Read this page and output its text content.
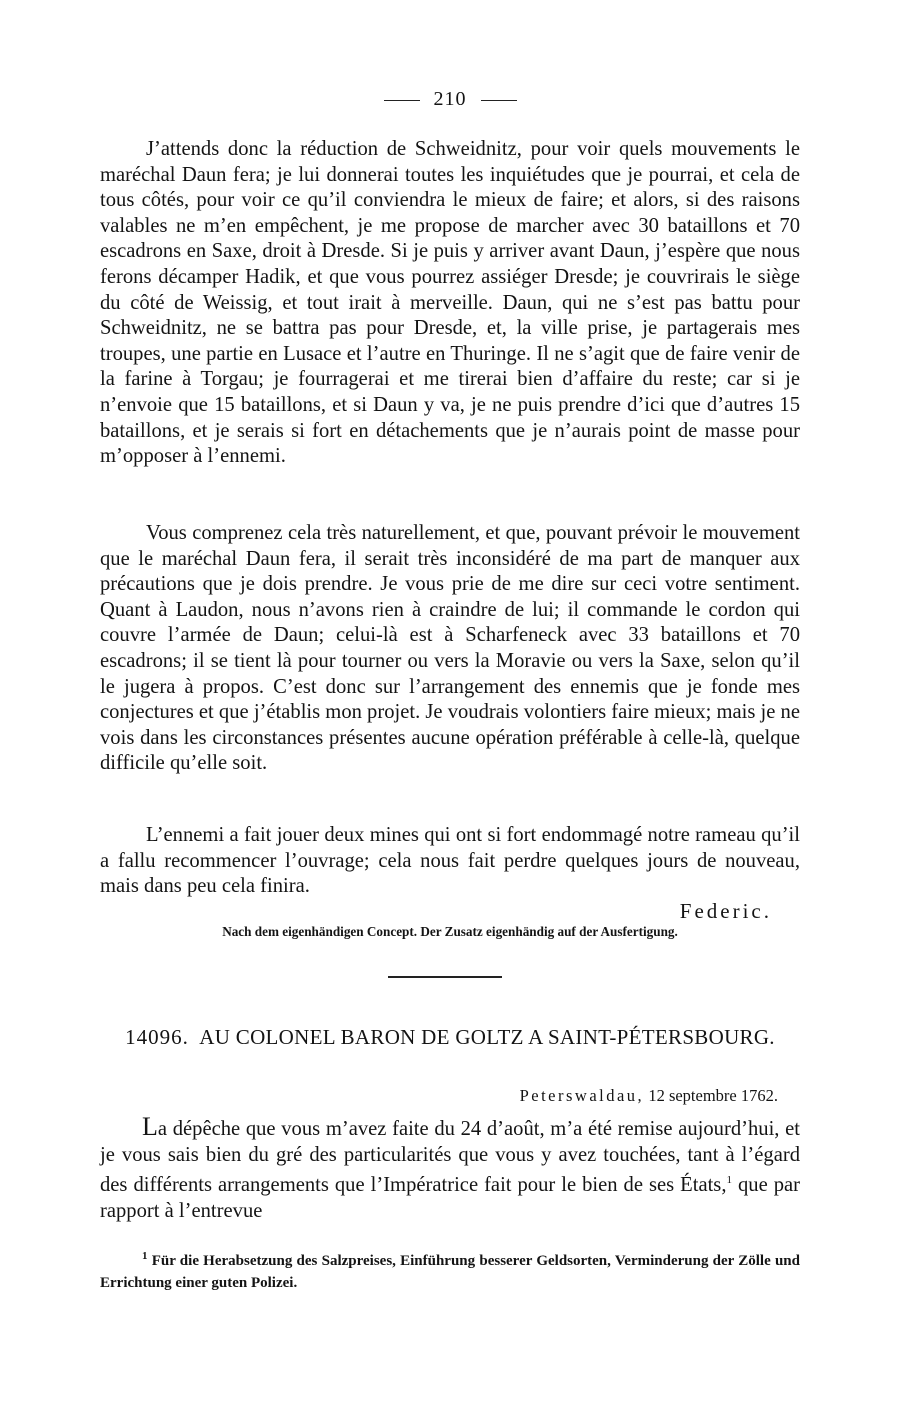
210

J’attends donc la réduction de Schweidnitz, pour voir quels mouvements le maréchal Daun fera; je lui donnerai toutes les inquiétudes que je pourrai, et cela de tous côtés, pour voir ce qu’il conviendra le mieux de faire; et alors, si des raisons valables ne m’en empêchent, je me propose de marcher avec 30 bataillons et 70 escadrons en Saxe, droit à Dresde. Si je puis y arriver avant Daun, j’espère que nous ferons décamper Hadik, et que vous pourrez assiéger Dresde; je couvrirais le siège du côté de Weissig, et tout irait à merveille. Daun, qui ne s’est pas battu pour Schweidnitz, ne se battra pas pour Dresde, et, la ville prise, je partagerais mes troupes, une partie en Lusace et l’autre en Thuringe. Il ne s’agit que de faire venir de la farine à Torgau; je fourragerai et me tirerai bien d’affaire du reste; car si je n’envoie que 15 bataillons, et si Daun y va, je ne puis prendre d’ici que d’autres 15 bataillons, et je serais si fort en détachements que je n’aurais point de masse pour m’opposer à l’ennemi.

Vous comprenez cela très naturellement, et que, pouvant prévoir le mouvement que le maréchal Daun fera, il serait très inconsidéré de ma part de manquer aux précautions que je dois prendre. Je vous prie de me dire sur ceci votre sentiment. Quant à Laudon, nous n’avons rien à craindre de lui; il commande le cordon qui couvre l’armée de Daun; celui-là est à Scharfeneck avec 33 bataillons et 70 escadrons; il se tient là pour tourner ou vers la Moravie ou vers la Saxe, selon qu’il le jugera à propos. C’est donc sur l’arrangement des ennemis que je fonde mes conjectures et que j’établis mon projet. Je voudrais volontiers faire mieux; mais je ne vois dans les circonstances présentes aucune opération préférable à celle-là, quelque difficile qu’elle soit.

L’ennemi a fait jouer deux mines qui ont si fort endommagé notre rameau qu’il a fallu recommencer l’ouvrage; cela nous fait perdre quelques jours de nouveau, mais dans peu cela finira.

Federic.
Nach dem eigenhändigen Concept. Der Zusatz eigenhändig auf der Ausfertigung.
14096. AU COLONEL BARON DE GOLTZ A SAINT-PÉTERSBOURG.
Peterswaldau, 12 septembre 1762.

La dépêche que vous m’avez faite du 24 d’août, m’a été remise aujourd’hui, et je vous sais bien du gré des particularités que vous y avez touchées, tant à l’égard des différents arrangements que l’Impératrice fait pour le bien de ses États,$^1$ que par rapport à l’entrevue

$^1$ Für die Herabsetzung des Salzpreises, Einführung besserer Geldsorten, Verminderung der Zölle und Errichtung einer guten Polizei.
